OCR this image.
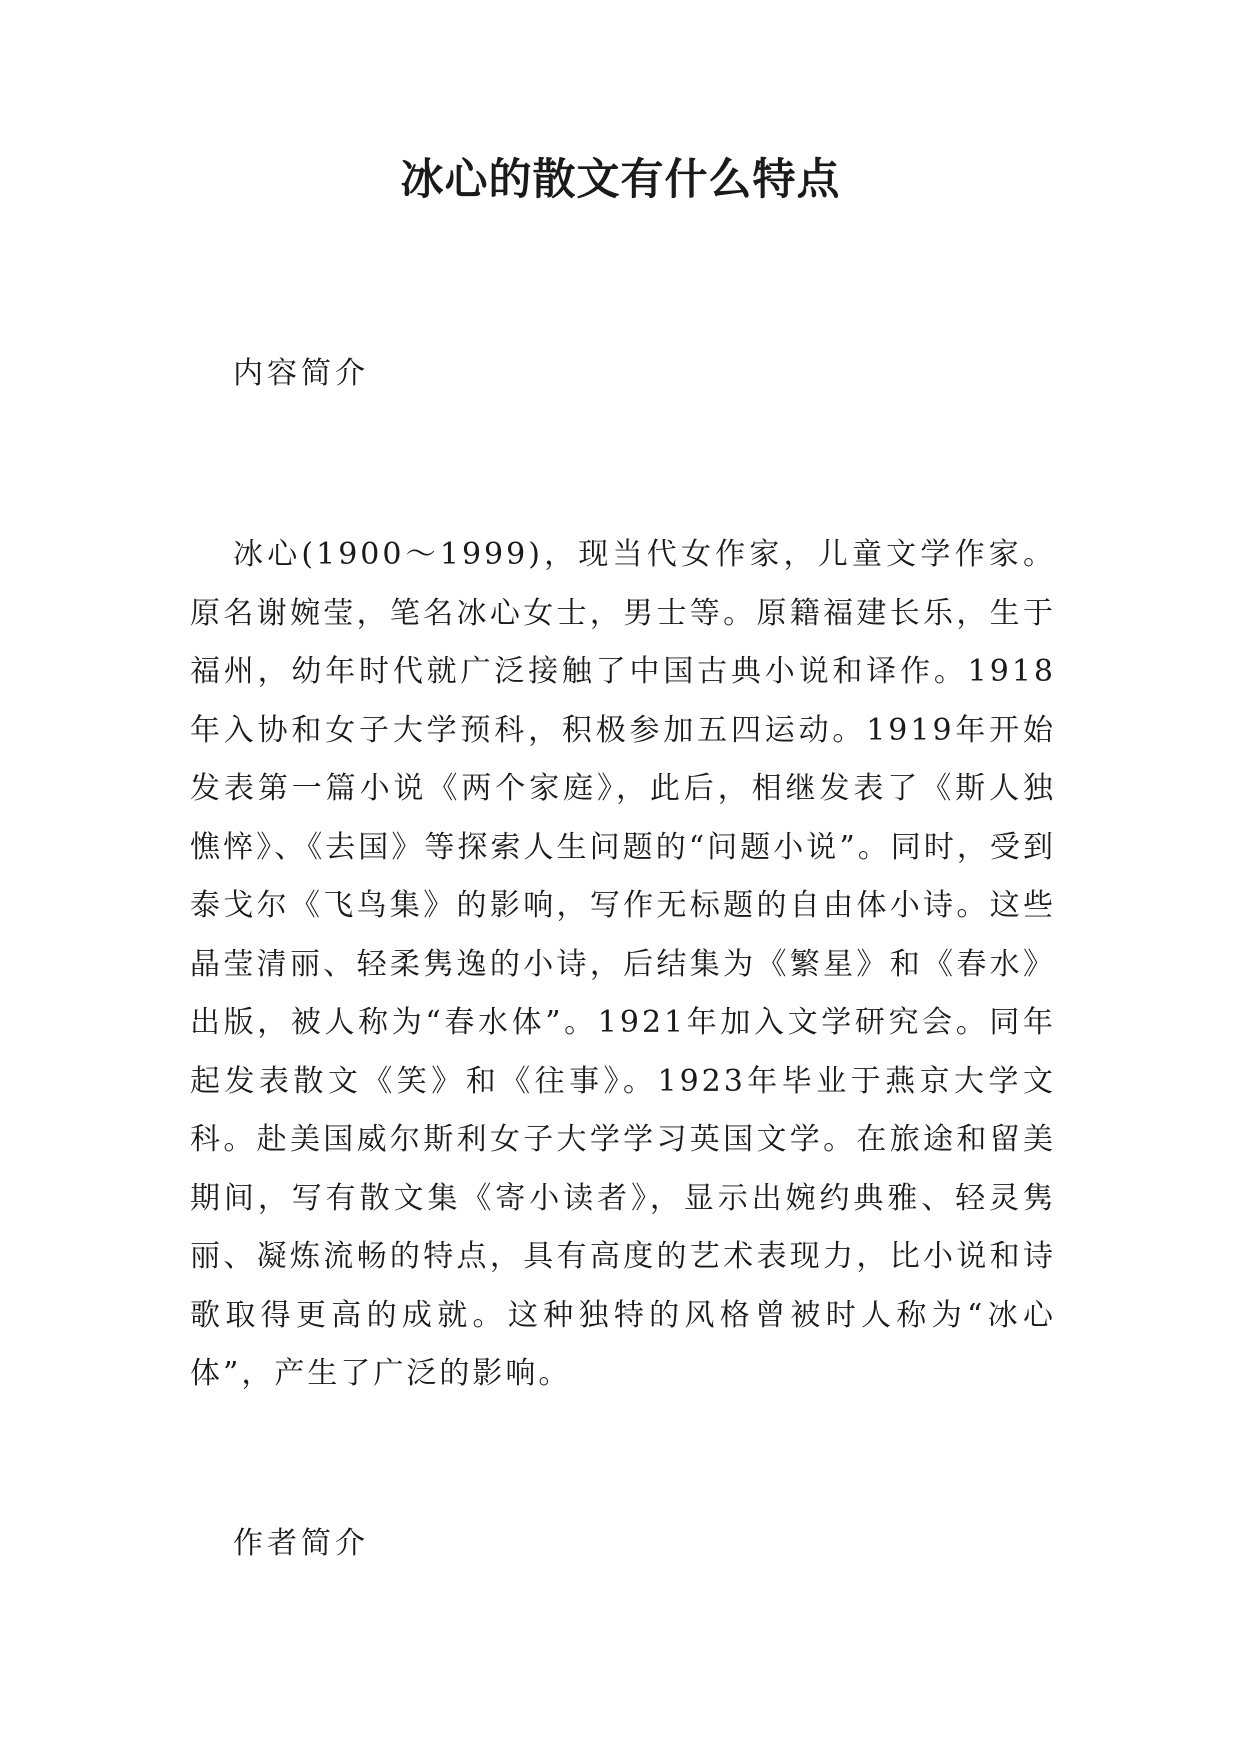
冰心的散文有什么特点
内容简介

冰心(1900～1999)，现当代女作家，儿童文学作家。原名谢婉莹，笔名冰心女士，男士等。原籍福建长乐，生于福州，幼年时代就广泛接触了中国古典小说和译作。1918年入协和女子大学预科，积极参加五四运动。1919年开始发表第一篇小说《两个家庭》，此后，相继发表了《斯人独憔悴》、《去国》等探索人生问题的“问题小说”。同时，受到泰戈尔《飞鸟集》的影响，写作无标题的自由体小诗。这些晶莹清丽、轻柔隽逸的小诗，后结集为《繁星》和《春水》出版，被人称为“春水体”。1921年加入文学研究会。同年起发表散文《笑》和《往事》。1923年毕业于燕京大学文科。赴美国威尔斯利女子大学学习英国文学。在旅途和留美期间，写有散文集《寄小读者》，显示出婉约典雅、轻灵隽丽、凝炼流畅的特点，具有高度的艺术表现力，比小说和诗歌取得更高的成就。这种独特的风格曾被时人称为“冰心体”，产生了广泛的影响。

作者简介
